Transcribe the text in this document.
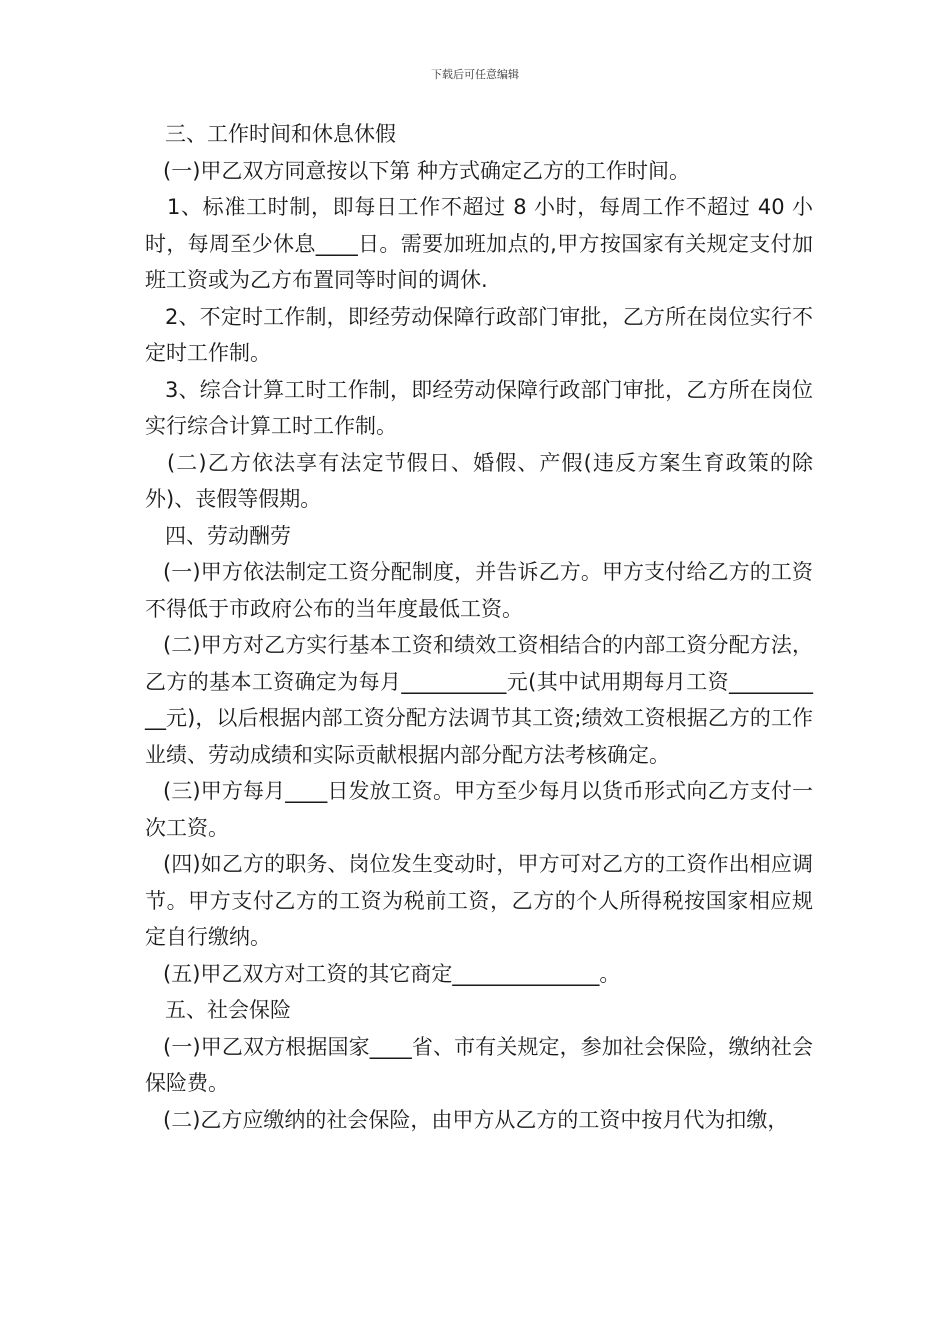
下载后可任意编辑

三、工作时间和休息休假

(一)甲乙双方同意按以下第 种方式确定乙方的工作时间。

1、标准工时制，即每日工作不超过 8 小时，每周工作不超过 40 小时，每周至少休息____日。需要加班加点的,甲方按国家有关规定支付加班工资或为乙方布置同等时间的调休.

2、不定时工作制，即经劳动保障行政部门审批，乙方所在岗位实行不定时工作制。

3、综合计算工时工作制，即经劳动保障行政部门审批，乙方所在岗位实行综合计算工时工作制。

(二)乙方依法享有法定节假日、婚假、产假(违反方案生育政策的除外)、丧假等假期。

四、劳动酬劳

(一)甲方依法制定工资分配制度，并告诉乙方。甲方支付给乙方的工资不得低于市政府公布的当年度最低工资。

(二)甲方对乙方实行基本工资和绩效工资相结合的内部工资分配方法，乙方的基本工资确定为每月__________元(其中试用期每月工资__________元)，以后根据内部工资分配方法调节其工资;绩效工资根据乙方的工作业绩、劳动成绩和实际贡献根据内部分配方法考核确定。

(三)甲方每月____日发放工资。甲方至少每月以货币形式向乙方支付一次工资。

(四)如乙方的职务、岗位发生变动时，甲方可对乙方的工资作出相应调节。甲方支付乙方的工资为税前工资，乙方的个人所得税按国家相应规定自行缴纳。

(五)甲乙双方对工资的其它商定______________。

五、社会保险

(一)甲乙双方根据国家____省、市有关规定，参加社会保险，缴纳社会保险费。

(二)乙方应缴纳的社会保险，由甲方从乙方的工资中按月代为扣缴，
